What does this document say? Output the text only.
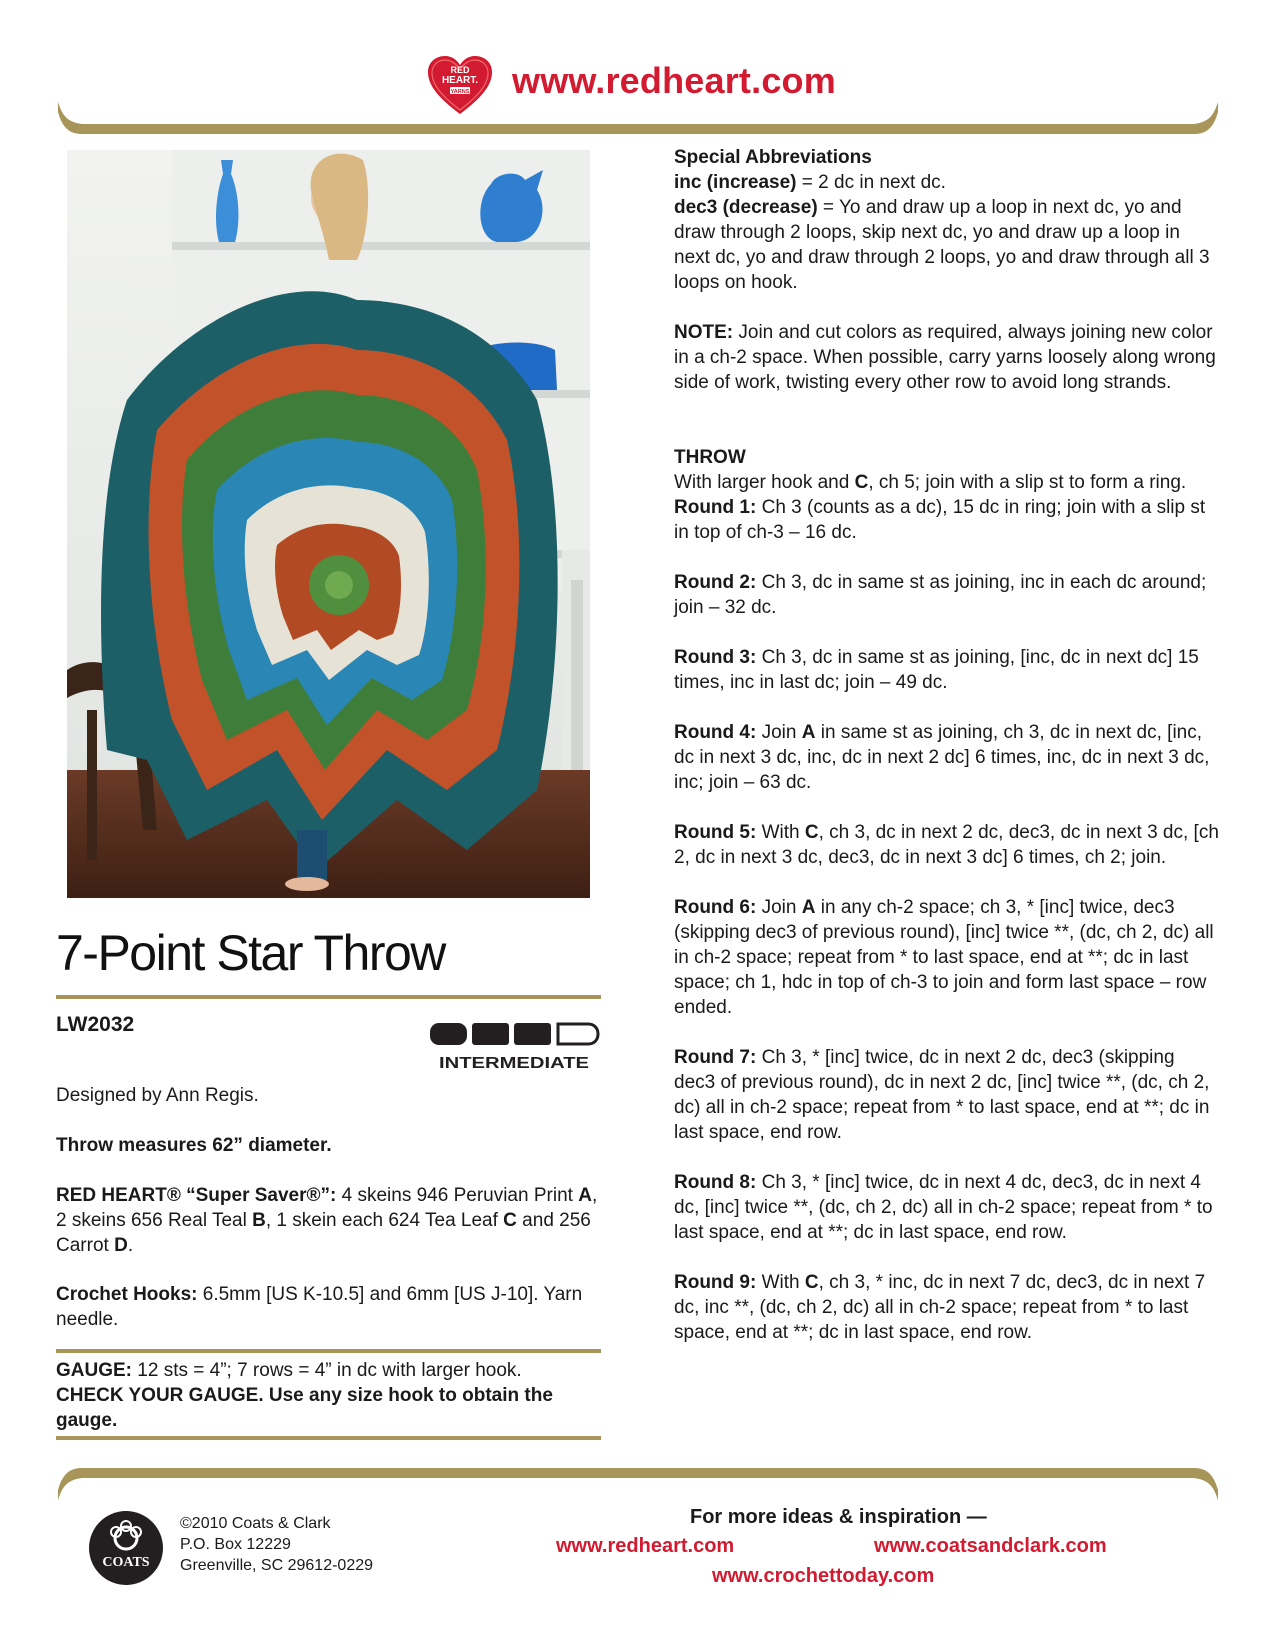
RED
HEART.
YARNS www.redheart.com
7-Point Star Throw
LW2032
INTERMEDIATE
Designed by Ann Regis.
Throw measures 62” diameter.
RED HEART® “Super Saver®”: 4 skeins 946 Peruvian Print A, 2 skeins 656 Real Teal B, 1 skein each 624 Tea Leaf C and 256 Carrot D.
Crochet Hooks: 6.5mm [US K-10.5] and 6mm [US J-10]. Yarn needle.
GAUGE: 12 sts = 4”; 7 rows = 4” in dc with larger hook.
CHECK YOUR GAUGE. Use any size hook to obtain the gauge.

Special Abbreviations

inc (increase) = 2 dc in next dc.

dec3 (decrease) = Yo and draw up a loop in next dc, yo and draw through 2 loops, skip next dc, yo and draw up a loop in next dc, yo and draw through 2 loops, yo and draw through all 3 loops on hook.

NOTE: Join and cut colors as required, always joining new color in a ch-2 space. When possible, carry yarns loosely along wrong side of work, twisting every other row to avoid long strands.

THROW

With larger hook and C, ch 5; join with a slip st to form a ring.

Round 1: Ch 3 (counts as a dc), 15 dc in ring; join with a slip st in top of ch-3 – 16 dc.

Round 2: Ch 3, dc in same st as joining, inc in each dc around; join – 32 dc.

Round 3: Ch 3, dc in same st as joining, [inc, dc in next dc] 15 times, inc in last dc; join – 49 dc.

Round 4: Join A in same st as joining, ch 3, dc in next dc, [inc, dc in next 3 dc, inc, dc in next 2 dc] 6 times, inc, dc in next 3 dc, inc; join – 63 dc.

Round 5: With C, ch 3, dc in next 2 dc, dec3, dc in next 3 dc, [ch 2, dc in next 3 dc, dec3, dc in next 3 dc] 6 times, ch 2; join.

Round 6: Join A in any ch-2 space; ch 3, * [inc] twice, dec3 (skipping dec3 of previous round), [inc] twice **, (dc, ch 2, dc) all in ch-2 space; repeat from * to last space, end at **; dc in last space; ch 1, hdc in top of ch-3 to join and form last space – row ended.

Round 7: Ch 3, * [inc] twice, dc in next 2 dc, dec3 (skipping dec3 of previous round), dc in next 2 dc, [inc] twice **, (dc, ch 2, dc) all in ch-2 space; repeat from * to last space, end at **; dc in last space, end row.

Round 8: Ch 3, * [inc] twice, dc in next 4 dc, dec3, dc in next 4 dc, [inc] twice **, (dc, ch 2, dc) all in ch-2 space; repeat from * to last space, end at **; dc in last space, end row.

Round 9: With C, ch 3, * inc, dc in next 7 dc, dec3, dc in next 7 dc, inc **, (dc, ch 2, dc) all in ch-2 space; repeat from * to last space, end at **; dc in last space, end row.

COATS
©2010 Coats & Clark
P.O. Box 12229
Greenville, SC 29612-0229
For more ideas & inspiration —
www.redheart.com	www.coatsandclark.com
www.crochettoday.com
